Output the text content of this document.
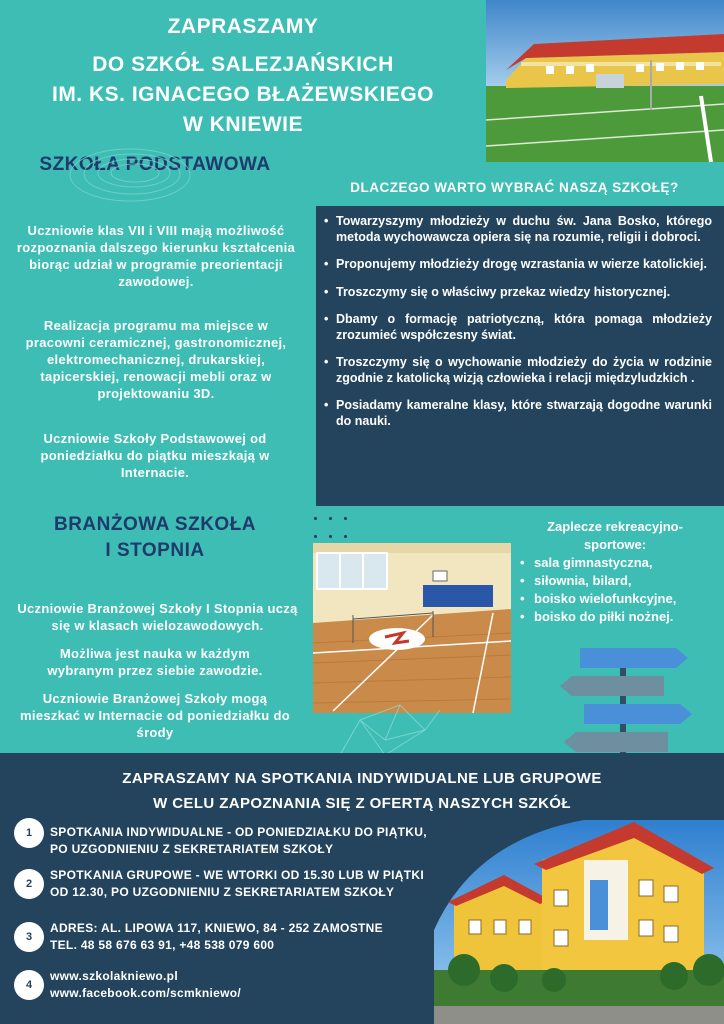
ZAPRASZAMY
DO SZKÓŁ SALEZJAŃSKICH
IM. KS. IGNACEGO BŁAŻEWSKIEGO
W KNIEWIE
SZKOŁA PODSTAWOWA
Uczniowie klas VII i VIII mają możliwość rozpoznania dalszego kierunku kształcenia biorąc udział w programie preorientacji zawodowej.
Realizacja programu ma miejsce w pracowni ceramicznej, gastronomicznej, elektromechanicznej, drukarskiej, tapicerskiej, renowacji mebli oraz w projektowaniu 3D.
Uczniowie Szkoły Podstawowej od poniedziałku do piątku mieszkają w Internacie.
DLACZEGO WARTO WYBRAĆ NASZĄ SZKOŁĘ?
• Towarzyszymy młodzieży w duchu św. Jana Bosko, którego metoda wychowawcza opiera się na rozumie, religii i dobroci.
• Proponujemy młodzieży drogę wzrastania w wierze katolickiej.
• Troszczymy się o właściwy przekaz wiedzy historycznej.
• Dbamy o formację patriotyczną, która pomaga młodzieży zrozumieć współczesny świat.
• Troszczymy się o wychowanie młodzieży do życia w rodzinie zgodnie z katolicką wizją człowieka i relacji międzyludzkich .
• Posiadamy kameralne klasy, które stwarzają dogodne warunki do nauki.

BRANŻOWA SZKOŁA
I STOPNIA
Zaplecze rekreacyjno-sportowe:
• sala gimnastyczna,
• siłownia, bilard,
• boisko wielofunkcyjne,
• boisko do piłki nożnej.
Uczniowie Branżowej Szkoły I Stopnia uczą się w klasach wielozawodowych.
Możliwa jest nauka w każdym wybranym przez siebie zawodzie.
Uczniowie Branżowej Szkoły mogą mieszkać w Internacie od poniedziałku do środy
ZAPRASZAMY NA SPOTKANIA INDYWIDUALNE LUB GRUPOWE
W CELU ZAPOZNANIA SIĘ Z OFERTĄ NASZYCH SZKÓŁ
1	SPOTKANIA INDYWIDUALNE - OD PONIEDZIAŁKU DO PIĄTKU,
PO UZGODNIENIU Z SEKRETARIATEM SZKOŁY
2
SPOTKANIA GRUPOWE - WE WTORKI OD 15.30 LUB W PIĄTKI
OD 12.30, PO UZGODNIENIU Z SEKRETARIATEM SZKOŁY
3
ADRES: AL. LIPOWA 117, KNIEWO, 84 - 252 ZAMOSTNE
TEL. 48 58 676 63 91, +48 538 079 600
4
www.szkolakniewo.pl
www.facebook.com/scmkniewo/
